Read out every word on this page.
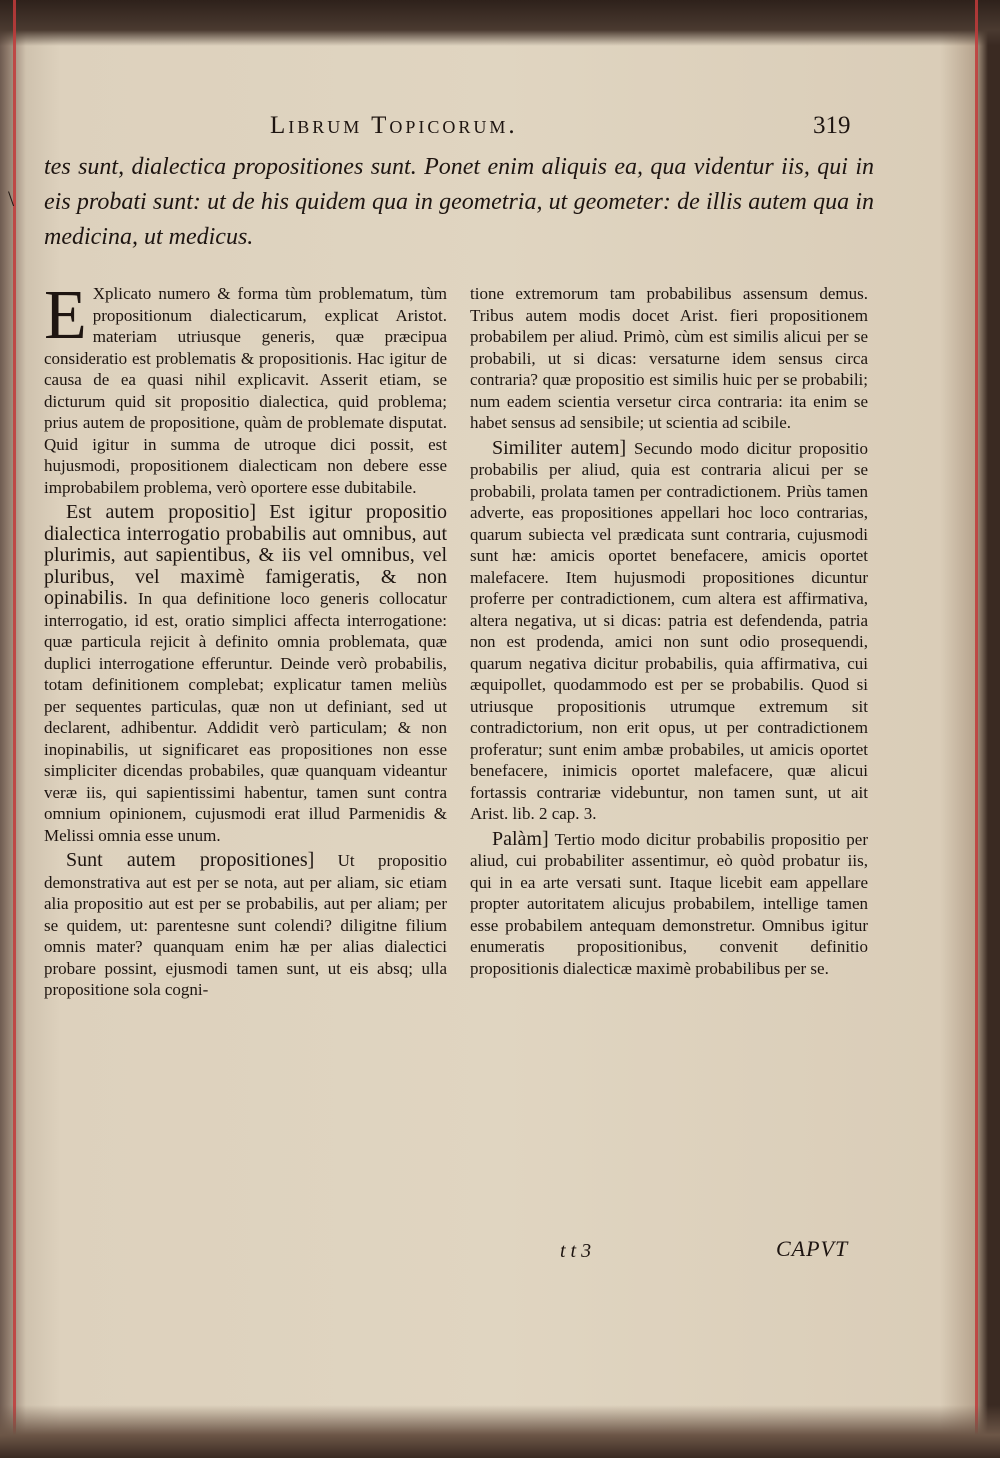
Librum Topicorum.	319
\

tes sunt, dialectica propositiones sunt. Ponet enim aliquis ea, qua videntur iis, qui in eis probati sunt: ut de his quidem qua in geometria, ut geometer: de illis autem qua in medicina, ut medicus.

E Xplicato numero & forma tùm problematum, tùm propositionum dialecticarum, explicat Aristot. materiam utriusque generis, quæ præcipua consideratio est problematis & propositionis. Hac igitur de causa de ea quasi nihil explicavit. Asserit etiam, se dicturum quid sit propositio dialectica, quid problema; prius autem de propositione, quàm de problemate disputat. Quid igitur in summa de utroque dici possit, est hujusmodi, propositionem dialecticam non debere esse improbabilem problema, verò oportere esse dubitabile.

Est autem propositio] Est igitur propositio dialectica interrogatio probabilis aut omnibus, aut plurimis, aut sapientibus, & iis vel omnibus, vel pluribus, vel maximè famigeratis, & non opinabilis. In qua definitione loco generis collocatur interrogatio, id est, oratio simplici affecta interrogatione: quæ particula rejicit à definito omnia problemata, quæ duplici interrogatione efferuntur. Deinde verò probabilis, totam definitionem complebat; explicatur tamen meliùs per sequentes particulas, quæ non ut definiant, sed ut declarent, adhibentur. Addidit verò particulam; & non inopinabilis, ut significaret eas propositiones non esse simpliciter dicendas probabiles, quæ quanquam videantur veræ iis, qui sapientissimi habentur, tamen sunt contra omnium opinionem, cujusmodi erat illud Parmenidis & Melissi omnia esse unum.

Sunt autem propositiones] Ut propositio demonstrativa aut est per se nota, aut per aliam, sic etiam alia propositio aut est per se probabilis, aut per aliam; per se quidem, ut: parentesne sunt colendi? diligitne filium omnis mater? quanquam enim hæ per alias dialectici probare possint, ejusmodi tamen sunt, ut eis absq; ulla propositione sola cogni-

tione extremorum tam probabilibus assensum demus. Tribus autem modis docet Arist. fieri propositionem probabilem per aliud. Primò, cùm est similis alicui per se probabili, ut si dicas: versaturne idem sensus circa contraria? quæ propositio est similis huic per se probabili; num eadem scientia versetur circa contraria: ita enim se habet sensus ad sensibile; ut scientia ad scibile.

Similiter autem] Secundo modo dicitur propositio probabilis per aliud, quia est contraria alicui per se probabili, prolata tamen per contradictionem. Priùs tamen adverte, eas propositiones appellari hoc loco contrarias, quarum subiecta vel prædicata sunt contraria, cujusmodi sunt hæ: amicis oportet benefacere, amicis oportet malefacere. Item hujusmodi propositiones dicuntur proferre per contradictionem, cum altera est affirmativa, altera negativa, ut si dicas: patria est defendenda, patria non est prodenda, amici non sunt odio prosequendi, quarum negativa dicitur probabilis, quia affirmativa, cui æquipollet, quodammodo est per se probabilis. Quod si utriusque propositionis utrumque extremum sit contradictorium, non erit opus, ut per contradictionem proferatur; sunt enim ambæ probabiles, ut amicis oportet benefacere, inimicis oportet malefacere, quæ alicui fortassis contrariæ videbuntur, non tamen sunt, ut ait Arist. lib. 2 cap. 3.

Palàm] Tertio modo dicitur probabilis propositio per aliud, cui probabiliter assentimur, eò quòd probatur iis, qui in ea arte versati sunt. Itaque licebit eam appellare propter autoritatem alicujus probabilem, intellige tamen esse probabilem antequam demonstretur. Omnibus igitur enumeratis propositionibus, convenit definitio propositionis dialecticæ maximè probabilibus per se.

t t 3	CAPVT
